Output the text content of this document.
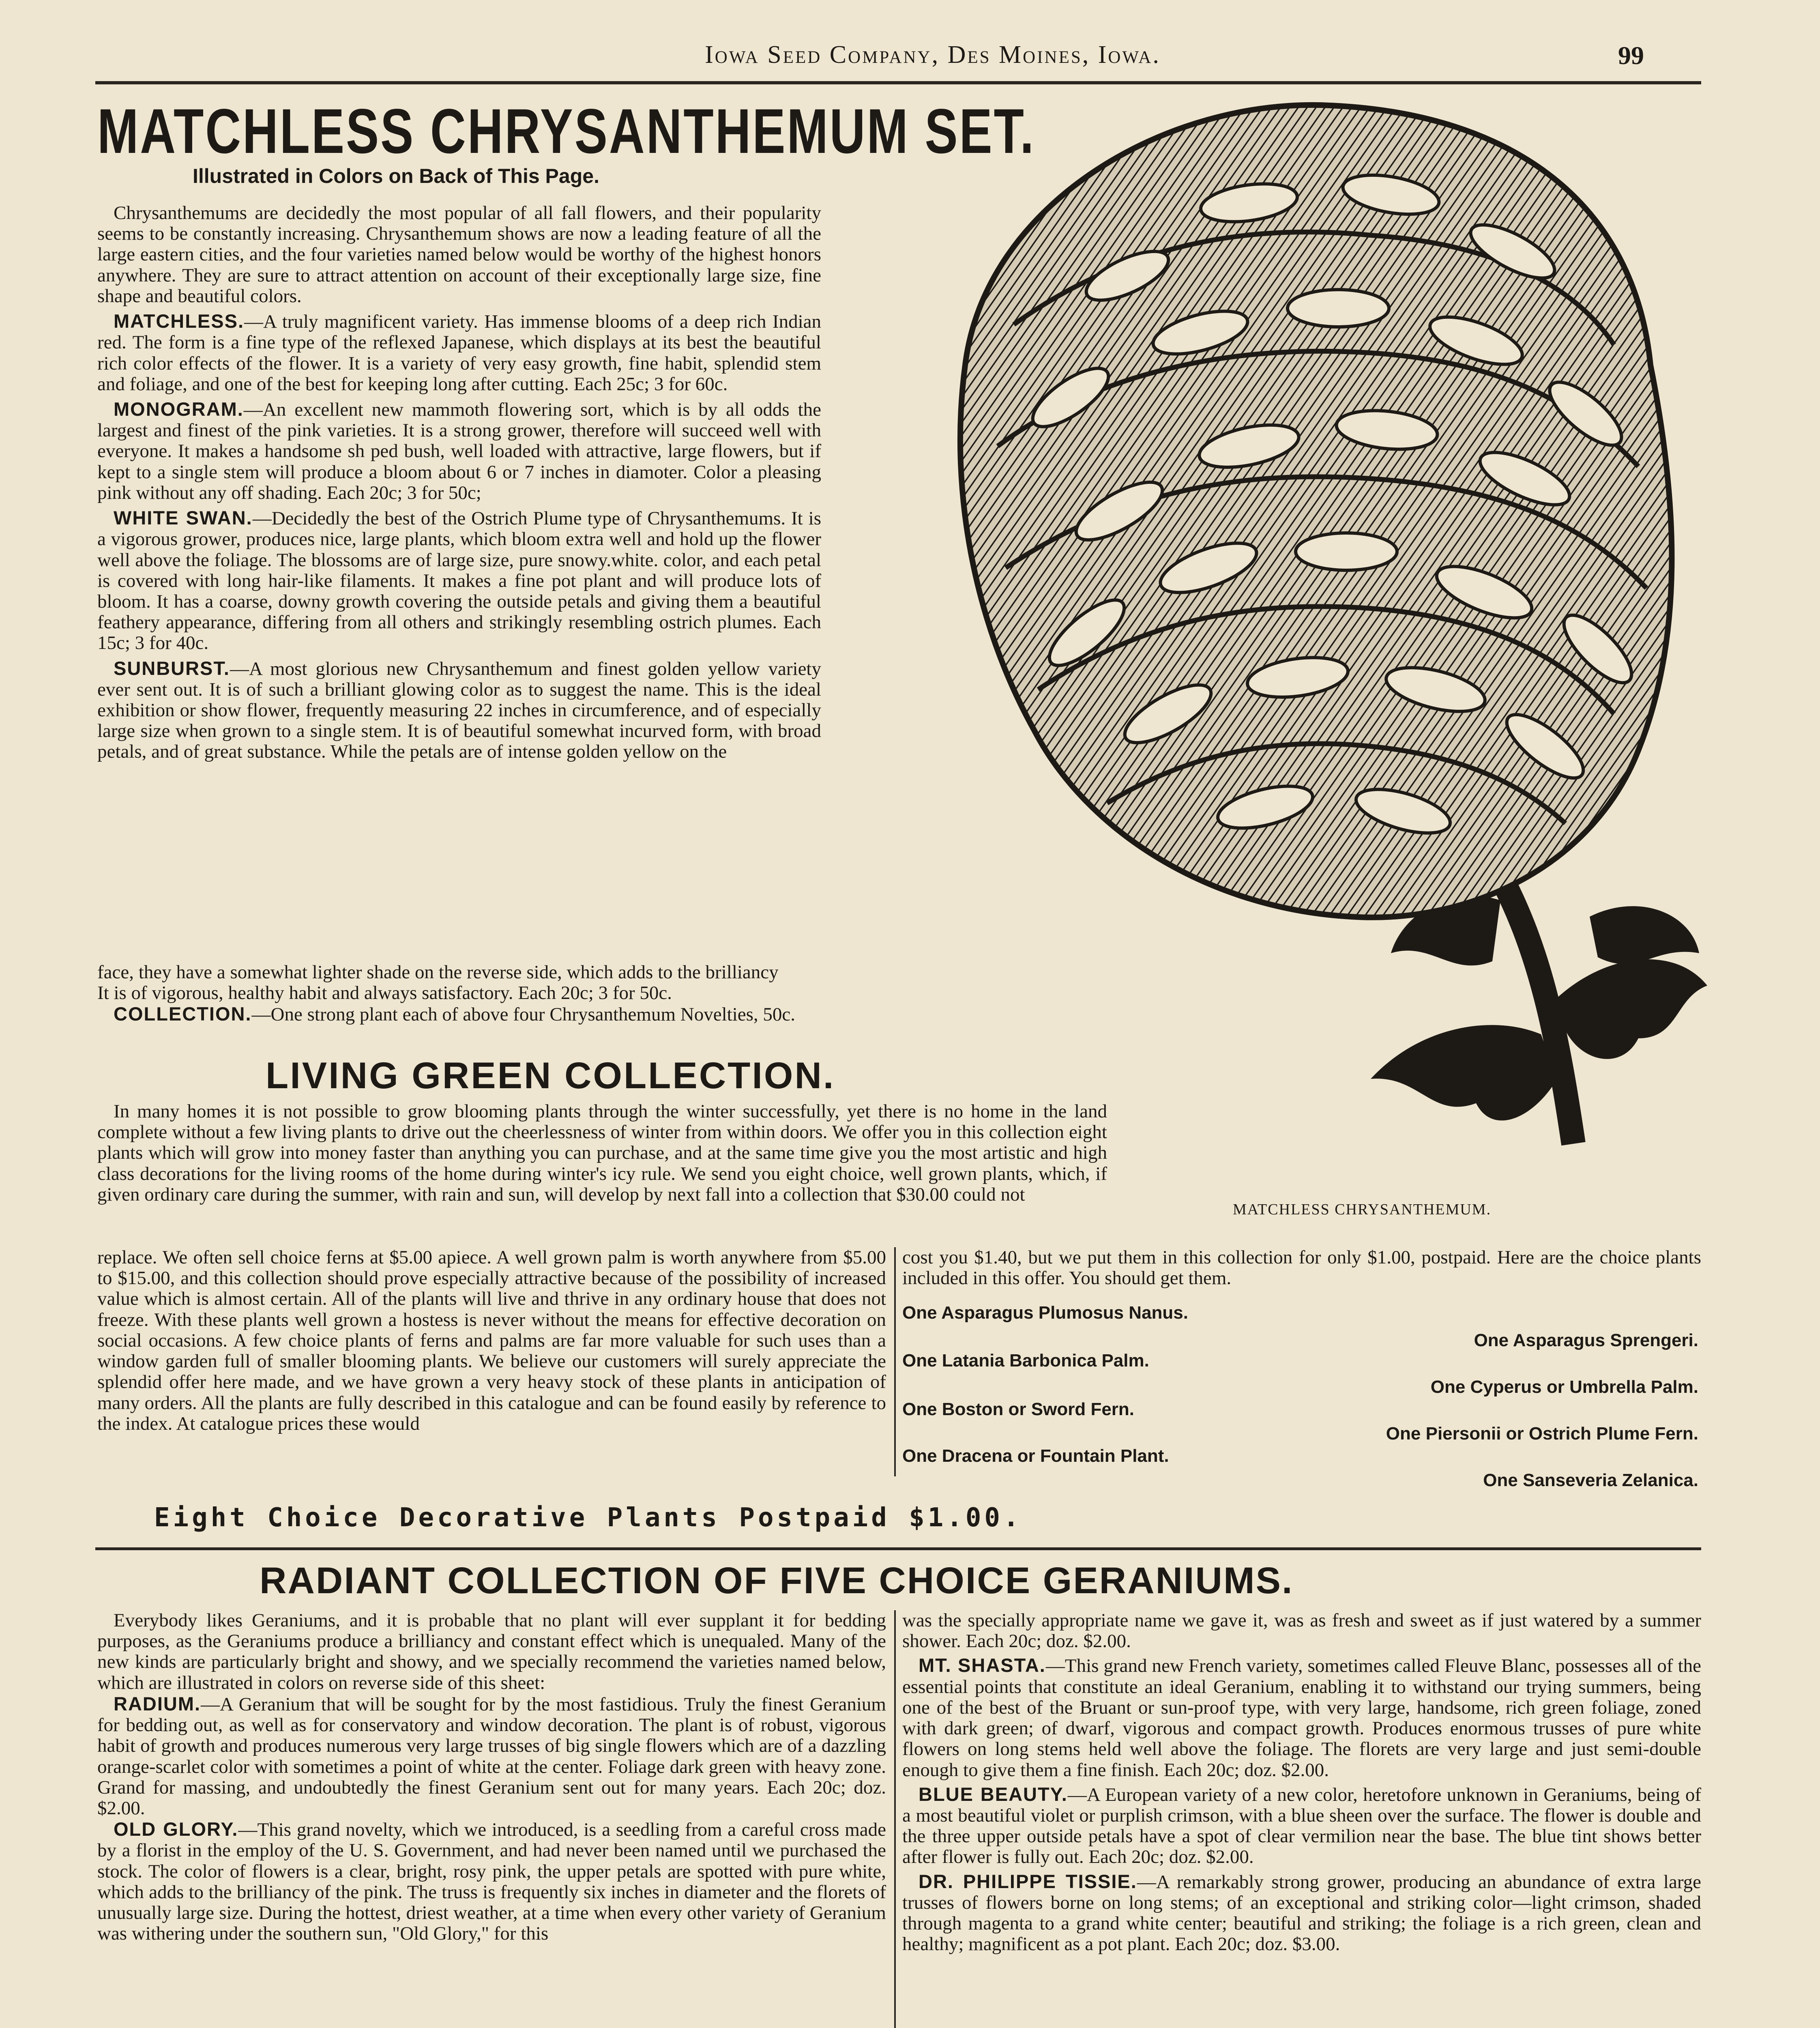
Iowa Seed Company, Des Moines, Iowa.	99
MATCHLESS CHRYSANTHEMUM SET.
Illustrated in Colors on Back of This Page.

Chrysanthemums are decidedly the most popular of all fall flowers, and their popularity seems to be constantly increasing. Chrysanthemum shows are now a leading feature of all the large eastern cities, and the four varieties named below would be worthy of the highest honors anywhere. They are sure to attract attention on account of their exceptionally large size, fine shape and beautiful colors.

MATCHLESS.—A truly magnificent variety. Has immense blooms of a deep rich Indian red. The form is a fine type of the reflexed Japanese, which displays at its best the beautiful rich color effects of the flower. It is a variety of very easy growth, fine habit, splendid stem and foliage, and one of the best for keeping long after cutting. Each 25c; 3 for 60c.

MONOGRAM.—An excellent new mammoth flowering sort, which is by all odds the largest and finest of the pink varieties. It is a strong grower, therefore will succeed well with everyone. It makes a handsome sh ped bush, well loaded with attractive, large flowers, but if kept to a single stem will produce a bloom about 6 or 7 inches in diamoter. Color a pleasing pink without any off shading. Each 20c; 3 for 50c;

WHITE SWAN.—Decidedly the best of the Ostrich Plume type of Chrysanthemums. It is a vigorous grower, produces nice, large plants, which bloom extra well and hold up the flower well above the foliage. The blossoms are of large size, pure snowy.white. color, and each petal is covered with long hair-like filaments. It makes a fine pot plant and will produce lots of bloom. It has a coarse, downy growth covering the outside petals and giving them a beautiful feathery appearance, differing from all others and strikingly resembling ostrich plumes. Each 15c; 3 for 40c.

SUNBURST.—A most glorious new Chrysanthemum and finest golden yellow variety ever sent out. It is of such a brilliant glowing color as to suggest the name. This is the ideal exhibition or show flower, frequently measuring 22 inches in circumference, and of especially large size when grown to a single stem. It is of beautiful somewhat incurved form, with broad petals, and of great substance. While the petals are of intense golden yellow on the

face, they have a somewhat lighter shade on the reverse side, which adds to the brilliancy

It is of vigorous, healthy habit and always satisfactory. Each 20c; 3 for 50c.

COLLECTION.—One strong plant each of above four Chrysanthemum Novelties, 50c.

MATCHLESS CHRYSANTHEMUM.
LIVING GREEN COLLECTION.
In many homes it is not possible to grow blooming plants through the winter successfully, yet there is no home in the land complete without a few living plants to drive out the cheerlessness of winter from within doors. We offer you in this collection eight plants which will grow into money faster than anything you can purchase, and at the same time give you the most artistic and high class decorations for the living rooms of the home during winter's icy rule. We send you eight choice, well grown plants, which, if given ordinary care during the summer, with rain and sun, will develop by next fall into a collection that $30.00 could not
replace. We often sell choice ferns at $5.00 apiece. A well grown palm is worth anywhere from $5.00 to $15.00, and this collection should prove especially attractive because of the possibility of increased value which is almost certain. All of the plants will live and thrive in any ordinary house that does not freeze. With these plants well grown a hostess is never without the means for effective decoration on social occasions. A few choice plants of ferns and palms are far more valuable for such uses than a window garden full of smaller blooming plants. We believe our customers will surely appreciate the splendid offer here made, and we have grown a very heavy stock of these plants in anticipation of many orders. All the plants are fully described in this catalogue and can be found easily by reference to the index. At catalogue prices these would
cost you $1.40, but we put them in this collection for only $1.00, postpaid. Here are the choice plants included in this offer. You should get them.
One Asparagus Plumosus Nanus.
One Asparagus Sprengeri.
One Latania Barbonica Palm.
One Cyperus or Umbrella Palm.
One Boston or Sword Fern.
One Piersonii or Ostrich Plume Fern.
One Dracena or Fountain Plant.
One Sanseveria Zelanica.
Eight Choice Decorative Plants Postpaid $1.00.
RADIANT COLLECTION OF FIVE CHOICE GERANIUMS.

Everybody likes Geraniums, and it is probable that no plant will ever supplant it for bedding purposes, as the Geraniums produce a brilliancy and constant effect which is unequaled. Many of the new kinds are particularly bright and showy, and we specially recommend the varieties named below, which are illustrated in colors on reverse side of this sheet:

RADIUM.—A Geranium that will be sought for by the most fastidious. Truly the finest Geranium for bedding out, as well as for conservatory and window decoration. The plant is of robust, vigorous habit of growth and produces numerous very large trusses of big single flowers which are of a dazzling orange-scarlet color with sometimes a point of white at the center. Foliage dark green with heavy zone. Grand for massing, and undoubtedly the finest Geranium sent out for many years. Each 20c; doz. $2.00.

OLD GLORY.—This grand novelty, which we introduced, is a seedling from a careful cross made by a florist in the employ of the U. S. Government, and had never been named until we purchased the stock. The color of flowers is a clear, bright, rosy pink, the upper petals are spotted with pure white, which adds to the brilliancy of the pink. The truss is frequently six inches in diameter and the florets of unusually large size. During the hottest, driest weather, at a time when every other variety of Geranium was withering under the southern sun, "Old Glory," for this

was the specially appropriate name we gave it, was as fresh and sweet as if just watered by a summer shower. Each 20c; doz. $2.00.

MT. SHASTA.—This grand new French variety, sometimes called Fleuve Blanc, possesses all of the essential points that constitute an ideal Geranium, enabling it to withstand our trying summers, being one of the best of the Bruant or sun-proof type, with very large, handsome, rich green foliage, zoned with dark green; of dwarf, vigorous and compact growth. Produces enormous trusses of pure white flowers on long stems held well above the foliage. The florets are very large and just semi-double enough to give them a fine finish. Each 20c; doz. $2.00.

BLUE BEAUTY.—A European variety of a new color, heretofore unknown in Geraniums, being of a most beautiful violet or purplish crimson, with a blue sheen over the surface. The flower is double and the three upper outside petals have a spot of clear vermilion near the base. The blue tint shows better after flower is fully out. Each 20c; doz. $2.00.

DR. PHILIPPE TISSIE.—A remarkably strong grower, producing an abundance of extra large trusses of flowers borne on long stems; of an exceptional and striking color—light crimson, shaded through magenta to a grand white center; beautiful and striking; the foliage is a rich green, clean and healthy; magnificent as a pot plant. Each 20c; doz. $3.00.
